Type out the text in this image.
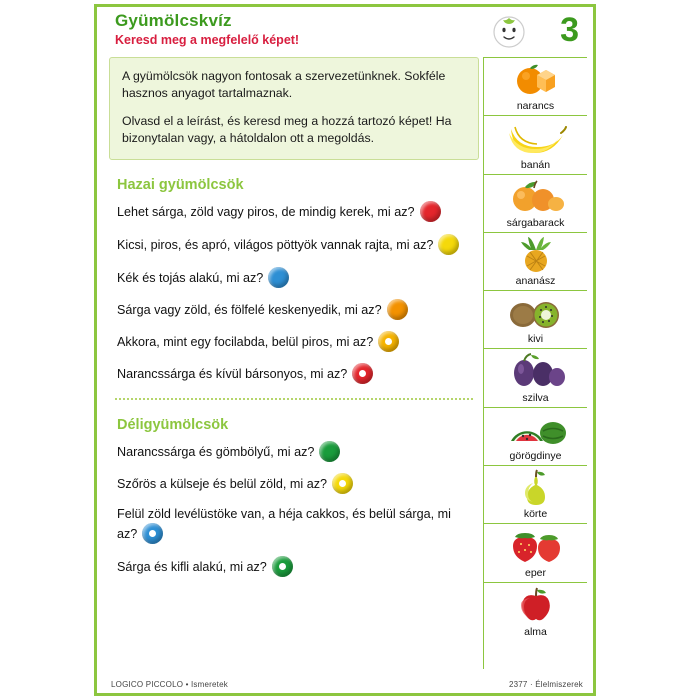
Gyümölcskvíz
Keresd meg a megfelelő képet!	3

A gyümölcsök nagyon fontosak a szervezetünknek. Sokféle hasznos anyagot tartalmaznak.

Olvasd el a leírást, és keresd meg a hozzá tartozó képet! Ha bizonytalan vagy, a hátoldalon ott a megoldás.

Hazai gyümölcsök
Lehet sárga, zöld vagy piros, de mindig kerek, mi az?
Kicsi, piros, és apró, világos pöttyök vannak rajta, mi az?
Kék és tojás alakú, mi az?
Sárga vagy zöld, és fölfelé keskenyedik, mi az?
Akkora, mint egy focilabda, belül piros, mi az?
Narancssárga és kívül bársonyos, mi az?
Déligyümölcsök
Narancssárga és gömbölyű, mi az?
Szőrös a külseje és belül zöld, mi az?
Felül zöld levélüstöke van, a héja cakkos, és belül sárga, mi az?
Sárga és kifli alakú, mi az?
narancs
banán
sárgabarack
ananász
kivi
szilva
görögdinye
körte
eper
alma
LOGICO PICCOLO • Ismeretek	2377 · Élelmiszerek
